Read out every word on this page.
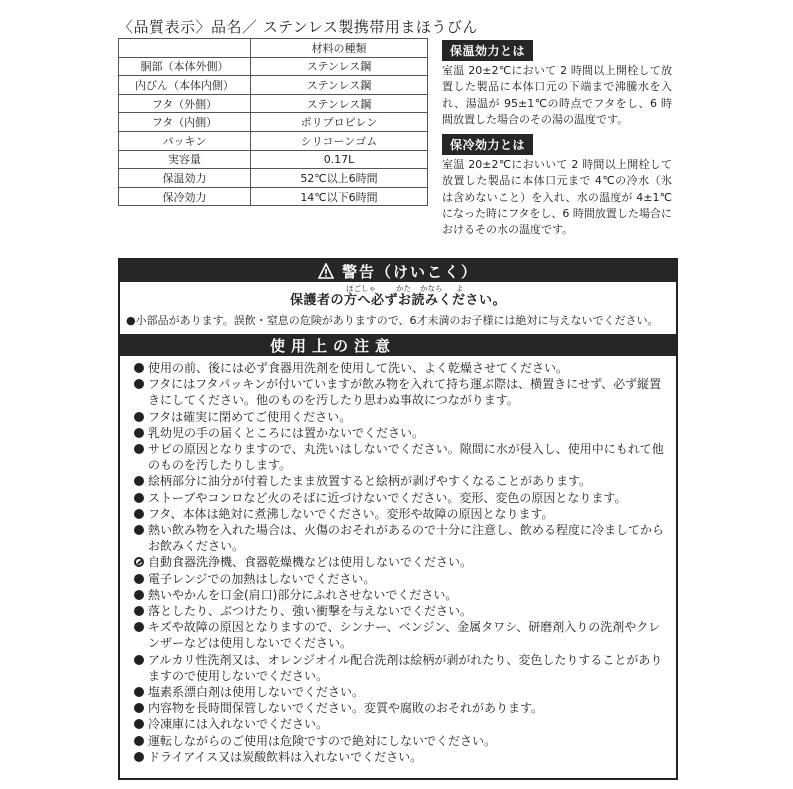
〈品質表示〉品名／ ステンレス製携帯用まほうびん
	材料の種類
胴部（本体外側）	ステンレス鋼
内びん（本体内側）	ステンレス鋼
フタ（外側）	ステンレス鋼
フタ（内側）	ポリプロピレン
パッキン	シリコーンゴム
実容量	0.17L
保温効力	52℃以上6時間
保冷効力	14℃以下6時間
保温効力とは
室温 20±2℃において 2 時間以上開栓して放置した製品に本体口元の下端まで沸騰水を入れ、湯温が 95±1℃の時点でフタをし、6 時間放置した場合のその湯の温度です。
保冷効力とは
室温 20±2℃においいて 2 時間以上開栓して放置した製品に本体口元まで 4℃の冷水（氷は含めないこと）を入れ、水の温度が 4±1℃になった時にフタをし、6 時間放置した場合におけるその水の温度です。
警告（けいこく）
ほごしゃ	かた かなら よ
保護者の方へ必ずお読みください。
●小部品があります。誤飲・窒息の危険がありますので、6才未満のお子様には絶対に与えないでください。
使用上の注意
使用の前、後には必ず食器用洗剤を使用して洗い、よく乾燥させてください。
フタにはフタパッキンが付いていますが飲み物を入れて持ち運ぶ際は、横置きにせず、必ず縦置きにしてください。他のものを汚したり思わぬ事故につながります。
フタは確実に閉めてご使用ください。
乳幼児の手の届くところには置かないでください。
サビの原因となりますので、丸洗いはしないでください。隙間に水が侵入し、使用中にもれて他のものを汚したりします。
絵柄部分に油分が付着したまま放置すると絵柄が剥げやすくなることがあります。
ストーブやコンロなど火のそばに近づけないでください。変形、変色の原因となります。
フタ、本体は絶対に煮沸しないでください。変形や故障の原因となります。
熱い飲み物を入れた場合は、火傷のおそれがあるので十分に注意し、飲める程度に冷ましてからお飲みください。
自動食器洗浄機、食器乾燥機などは使用しないでください。
電子レンジでの加熱はしないでください。
熱いやかんを口金(肩口)部分にふれさせないでください。
落としたり、ぶつけたり、強い衝撃を与えないでください。
キズや故障の原因となりますので、シンナー、ベンジン、金属タワシ、研磨剤入りの洗剤やクレンザーなどは使用しないでください。
アルカリ性洗剤又は、オレンジオイル配合洗剤は絵柄が剥がれたり、変色したりすることがありますので使用しないでください。
塩素系漂白剤は使用しないでください。
内容物を長時間保管しないでください。変質や腐敗のおそれがあります。
冷凍庫には入れないでください。
運転しながらのご使用は危険ですので絶対にしないでください。
ドライアイス又は炭酸飲料は入れないでください。
